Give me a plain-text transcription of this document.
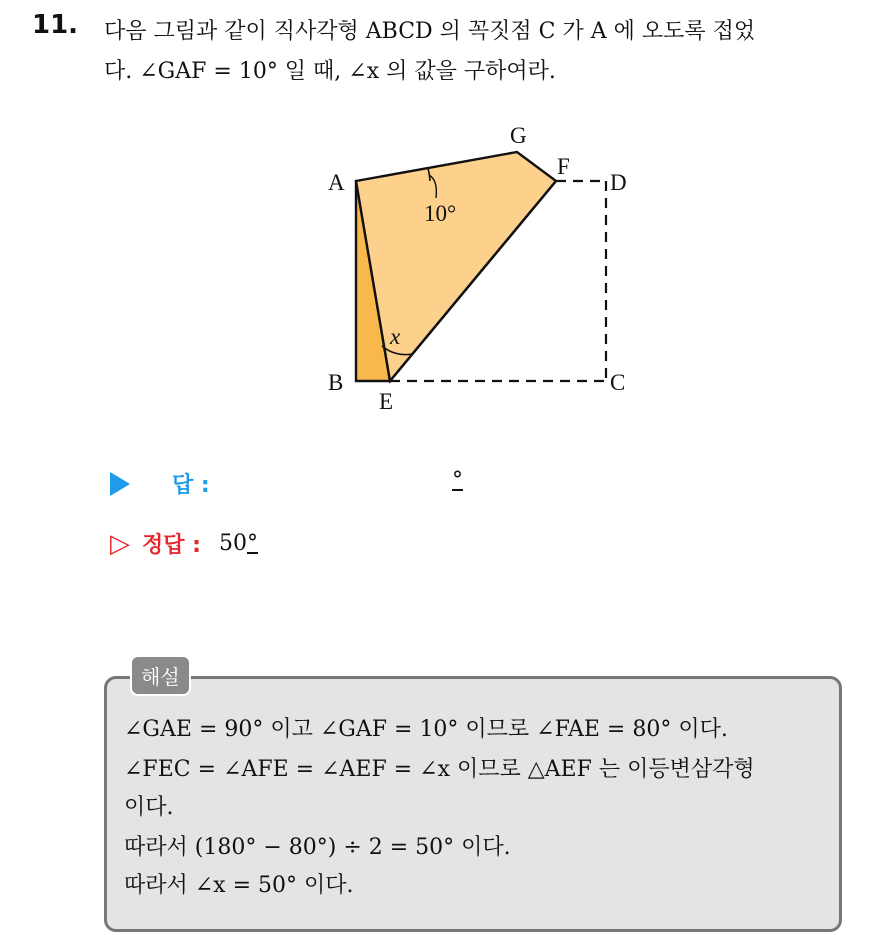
11. 다음 그림과 같이 직사각형 ABCD 의 꼭짓점 C 가 A 에 오도록 접었
다. ∠GAF = 10° 일 때, ∠x 의 값을 구하여라.
A
B	C
D
E
F
G
10°
x
답 :	°
▷ 정답 : 50°
해설
∠GAE = 90° 이고 ∠GAF = 10° 이므로 ∠FAE = 80° 이다.
∠FEC = ∠AFE = ∠AEF = ∠x 이므로 △AEF 는 이등변삼각형
이다.
따라서 (180° − 80°) ÷ 2 = 50° 이다.
따라서 ∠x = 50° 이다.
